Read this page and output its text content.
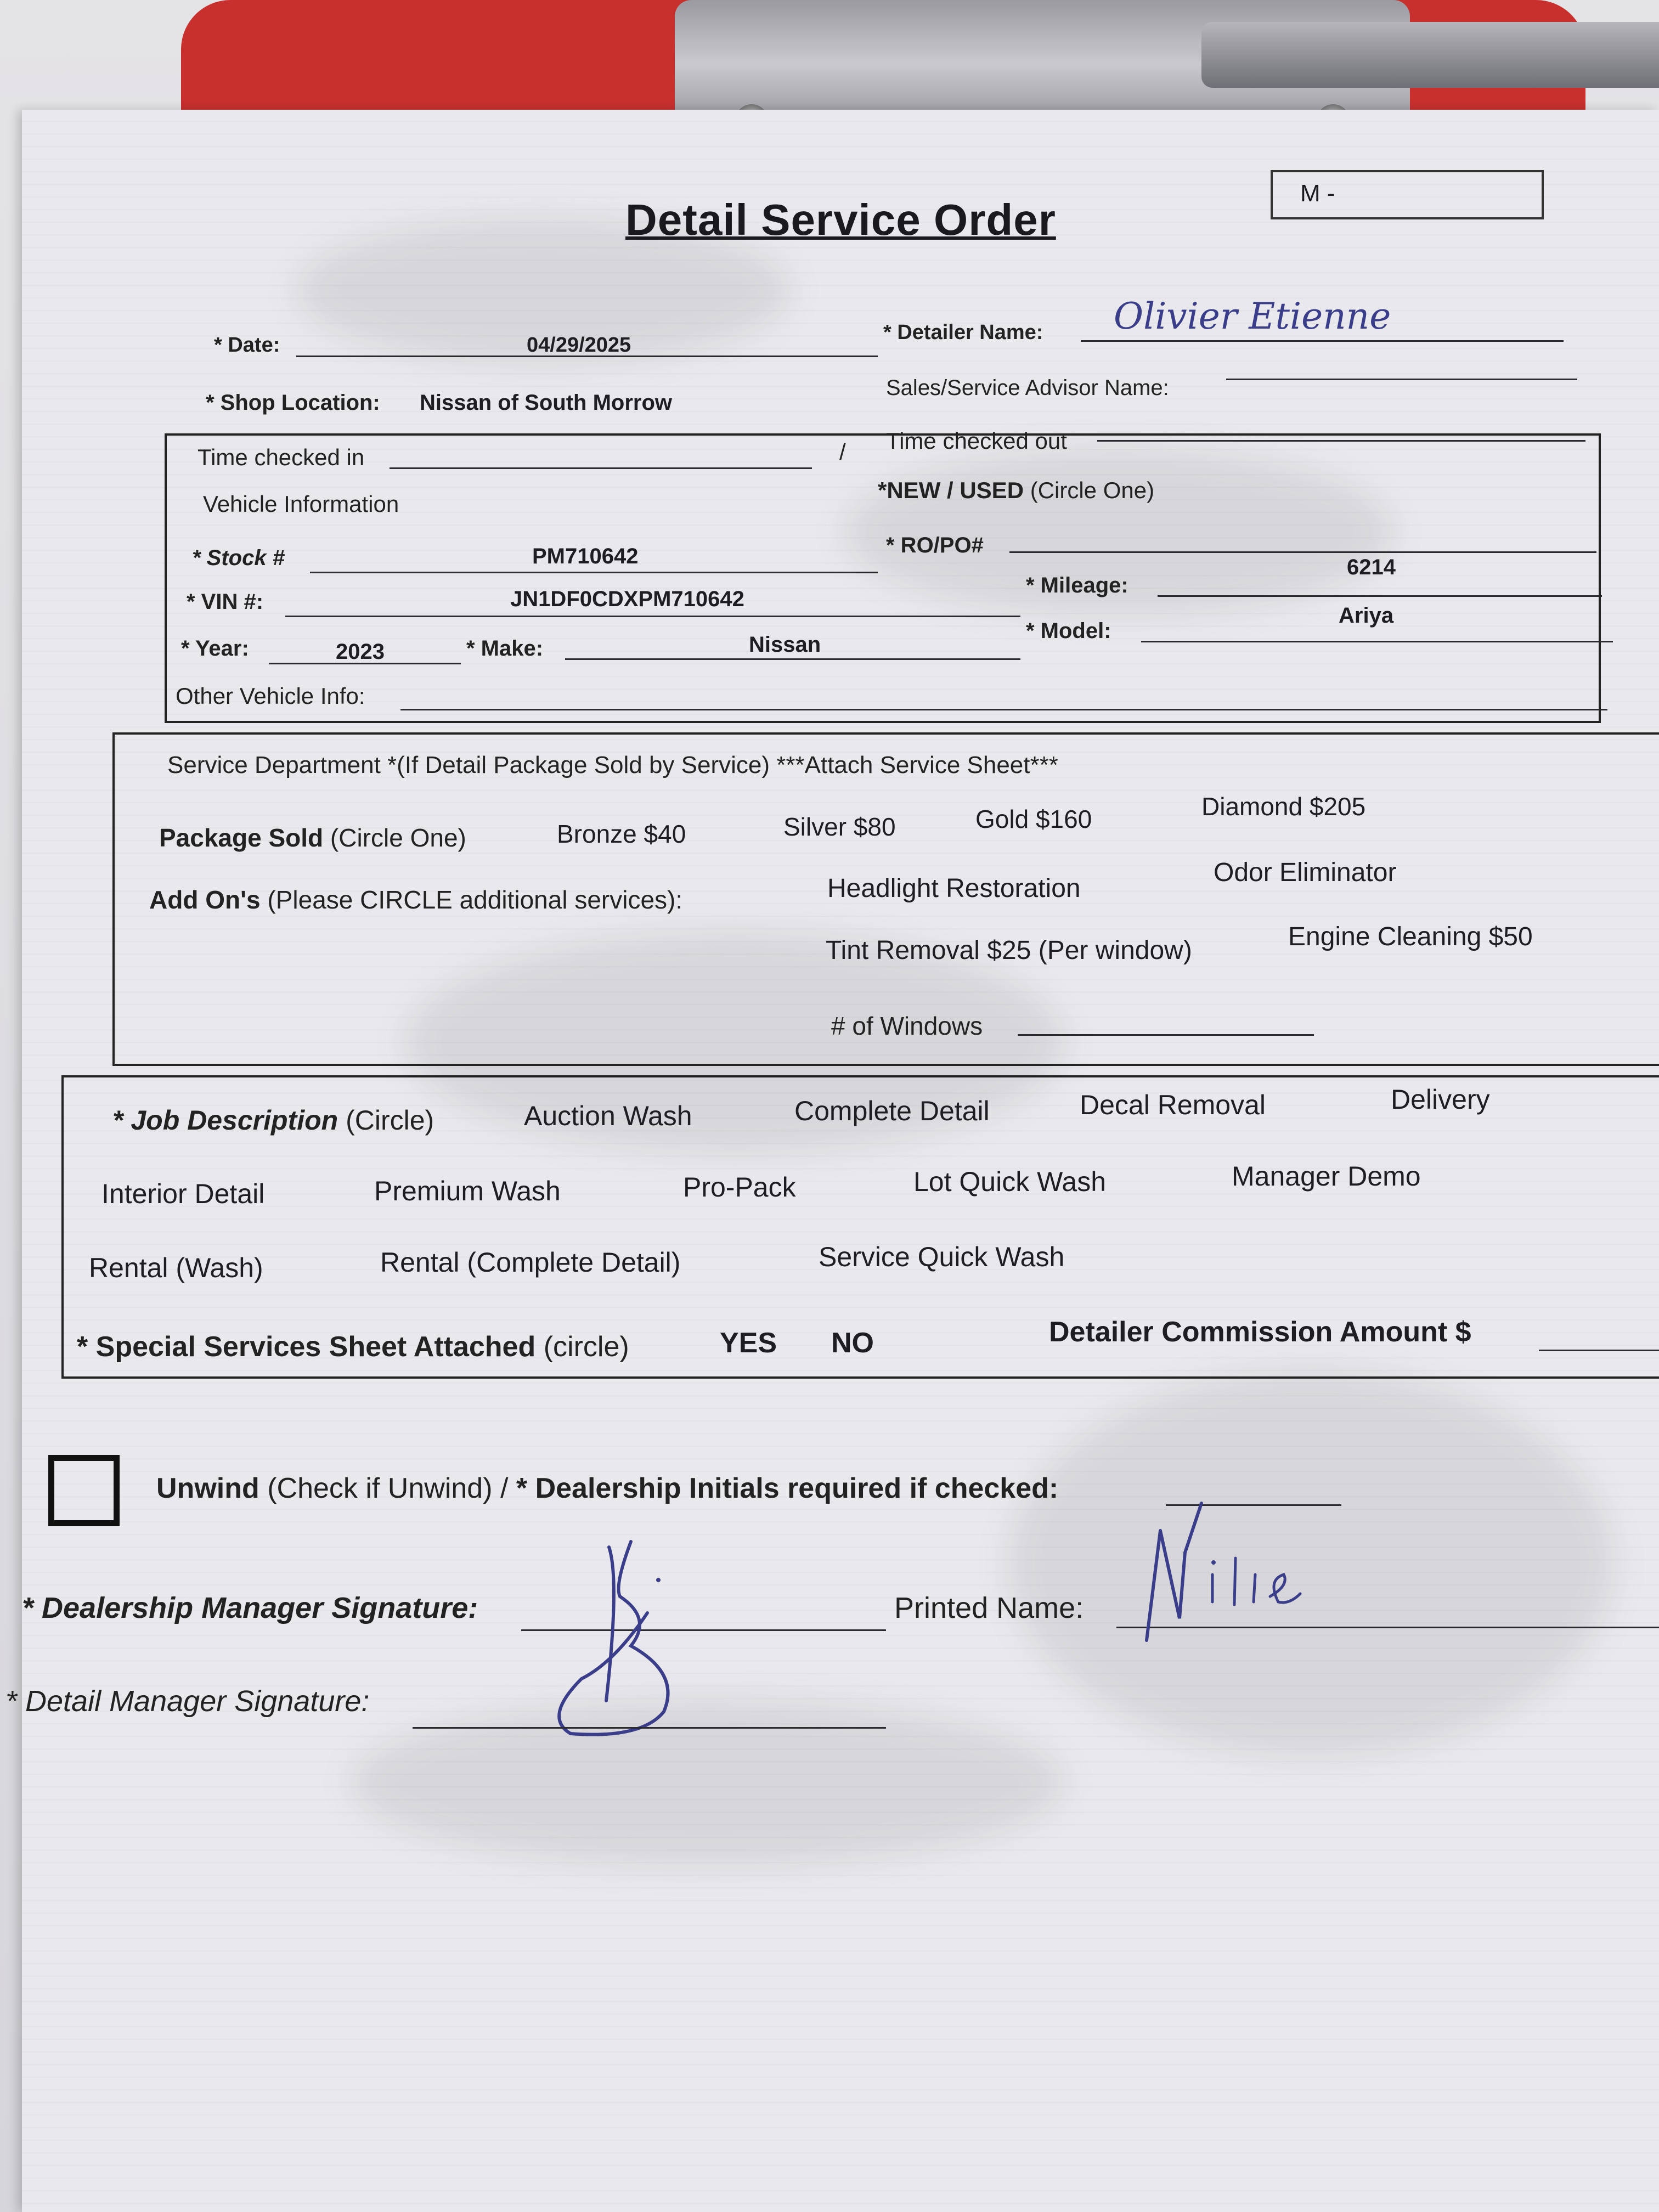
Detail Service Order
M -
* Date:	04/29/2025
* Detailer Name: Olivier Etienne
* Shop Location: Nissan of South Morrow
Sales/Service Advisor Name:
Time checked in	/ Time checked out
Vehicle Information
*NEW / USED (Circle One)
* Stock #	PM710642	* RO/PO#
* VIN #:	JN1DF0CDXPM710642
* Mileage:
6214
* Year:	2023	* Make:	Nissan
* Model:
Ariya
Other Vehicle Info:
Service Department *(If Detail Package Sold by Service) ***Attach Service Sheet***
Package Sold (Circle One)	Bronze $40	Silver $80	Gold $160	Diamond $205
Add On's (Please CIRCLE additional services):	Headlight Restoration
Odor Eliminator
Tint Removal $25 (Per window)	Engine Cleaning $50
# of Windows
* Job Description (Circle)	Auction Wash	Complete Detail	Decal Removal	Delivery
Interior Detail	Premium Wash	Pro-Pack	Lot Quick Wash	Manager Demo
Rental (Wash)	Rental (Complete Detail)	Service Quick Wash
* Special Services Sheet Attached (circle)	YES NO	Detailer Commission Amount $
Unwind (Check if Unwind) / * Dealership Initials required if checked:
* Dealership Manager Signature:	Printed Name:
* Detail Manager Signature:
